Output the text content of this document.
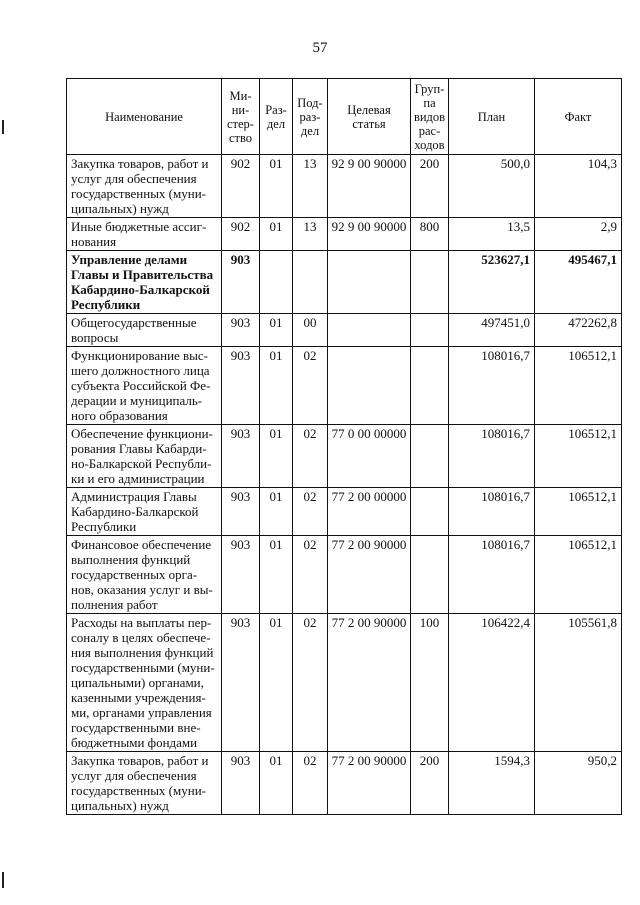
57
Наименование	Ми-
ни-
стер-
ство	Раз-
дел	Под-
раз-
дел	Целевая
статья	Груп-
па
видов
рас-
ходов	План	Факт
Закупка товаров, работ и услуг для обеспечения государственных (муни-ципальных) нужд	902	01	13	92 9 00 90000	200	500,0	104,3
Иные бюджетные ассиг-нования	902	01	13	92 9 00 90000	800	13,5	2,9
Управление делами Главы и Правительства Кабардино-Балкарской Республики	903					523627,1	495467,1
Общегосударственные вопросы	903	01	00			497451,0	472262,8
Функционирование выс-шего должностного лица субъекта Российской Фе-дерации и муниципаль-ного образования	903	01	02			108016,7	106512,1
Обеспечение функциони-рования Главы Кабарди-но-Балкарской Республи-ки и его администрации	903	01	02	77 0 00 00000		108016,7	106512,1
Администрация Главы Кабардино-Балкарской Республики	903	01	02	77 2 00 00000		108016,7	106512,1
Финансовое обеспечение выполнения функций государственных орга-нов, оказания услуг и вы-полнения работ	903	01	02	77 2 00 90000		108016,7	106512,1
Расходы на выплаты пер-соналу в целях обеспече-ния выполнения функций государственными (муни-ципальными) органами, казенными учреждения-ми, органами управления государственными вне-бюджетными фондами	903	01	02	77 2 00 90000	100	106422,4	105561,8
Закупка товаров, работ и услуг для обеспечения государственных (муни-ципальных) нужд	903	01	02	77 2 00 90000	200	1594,3	950,2
